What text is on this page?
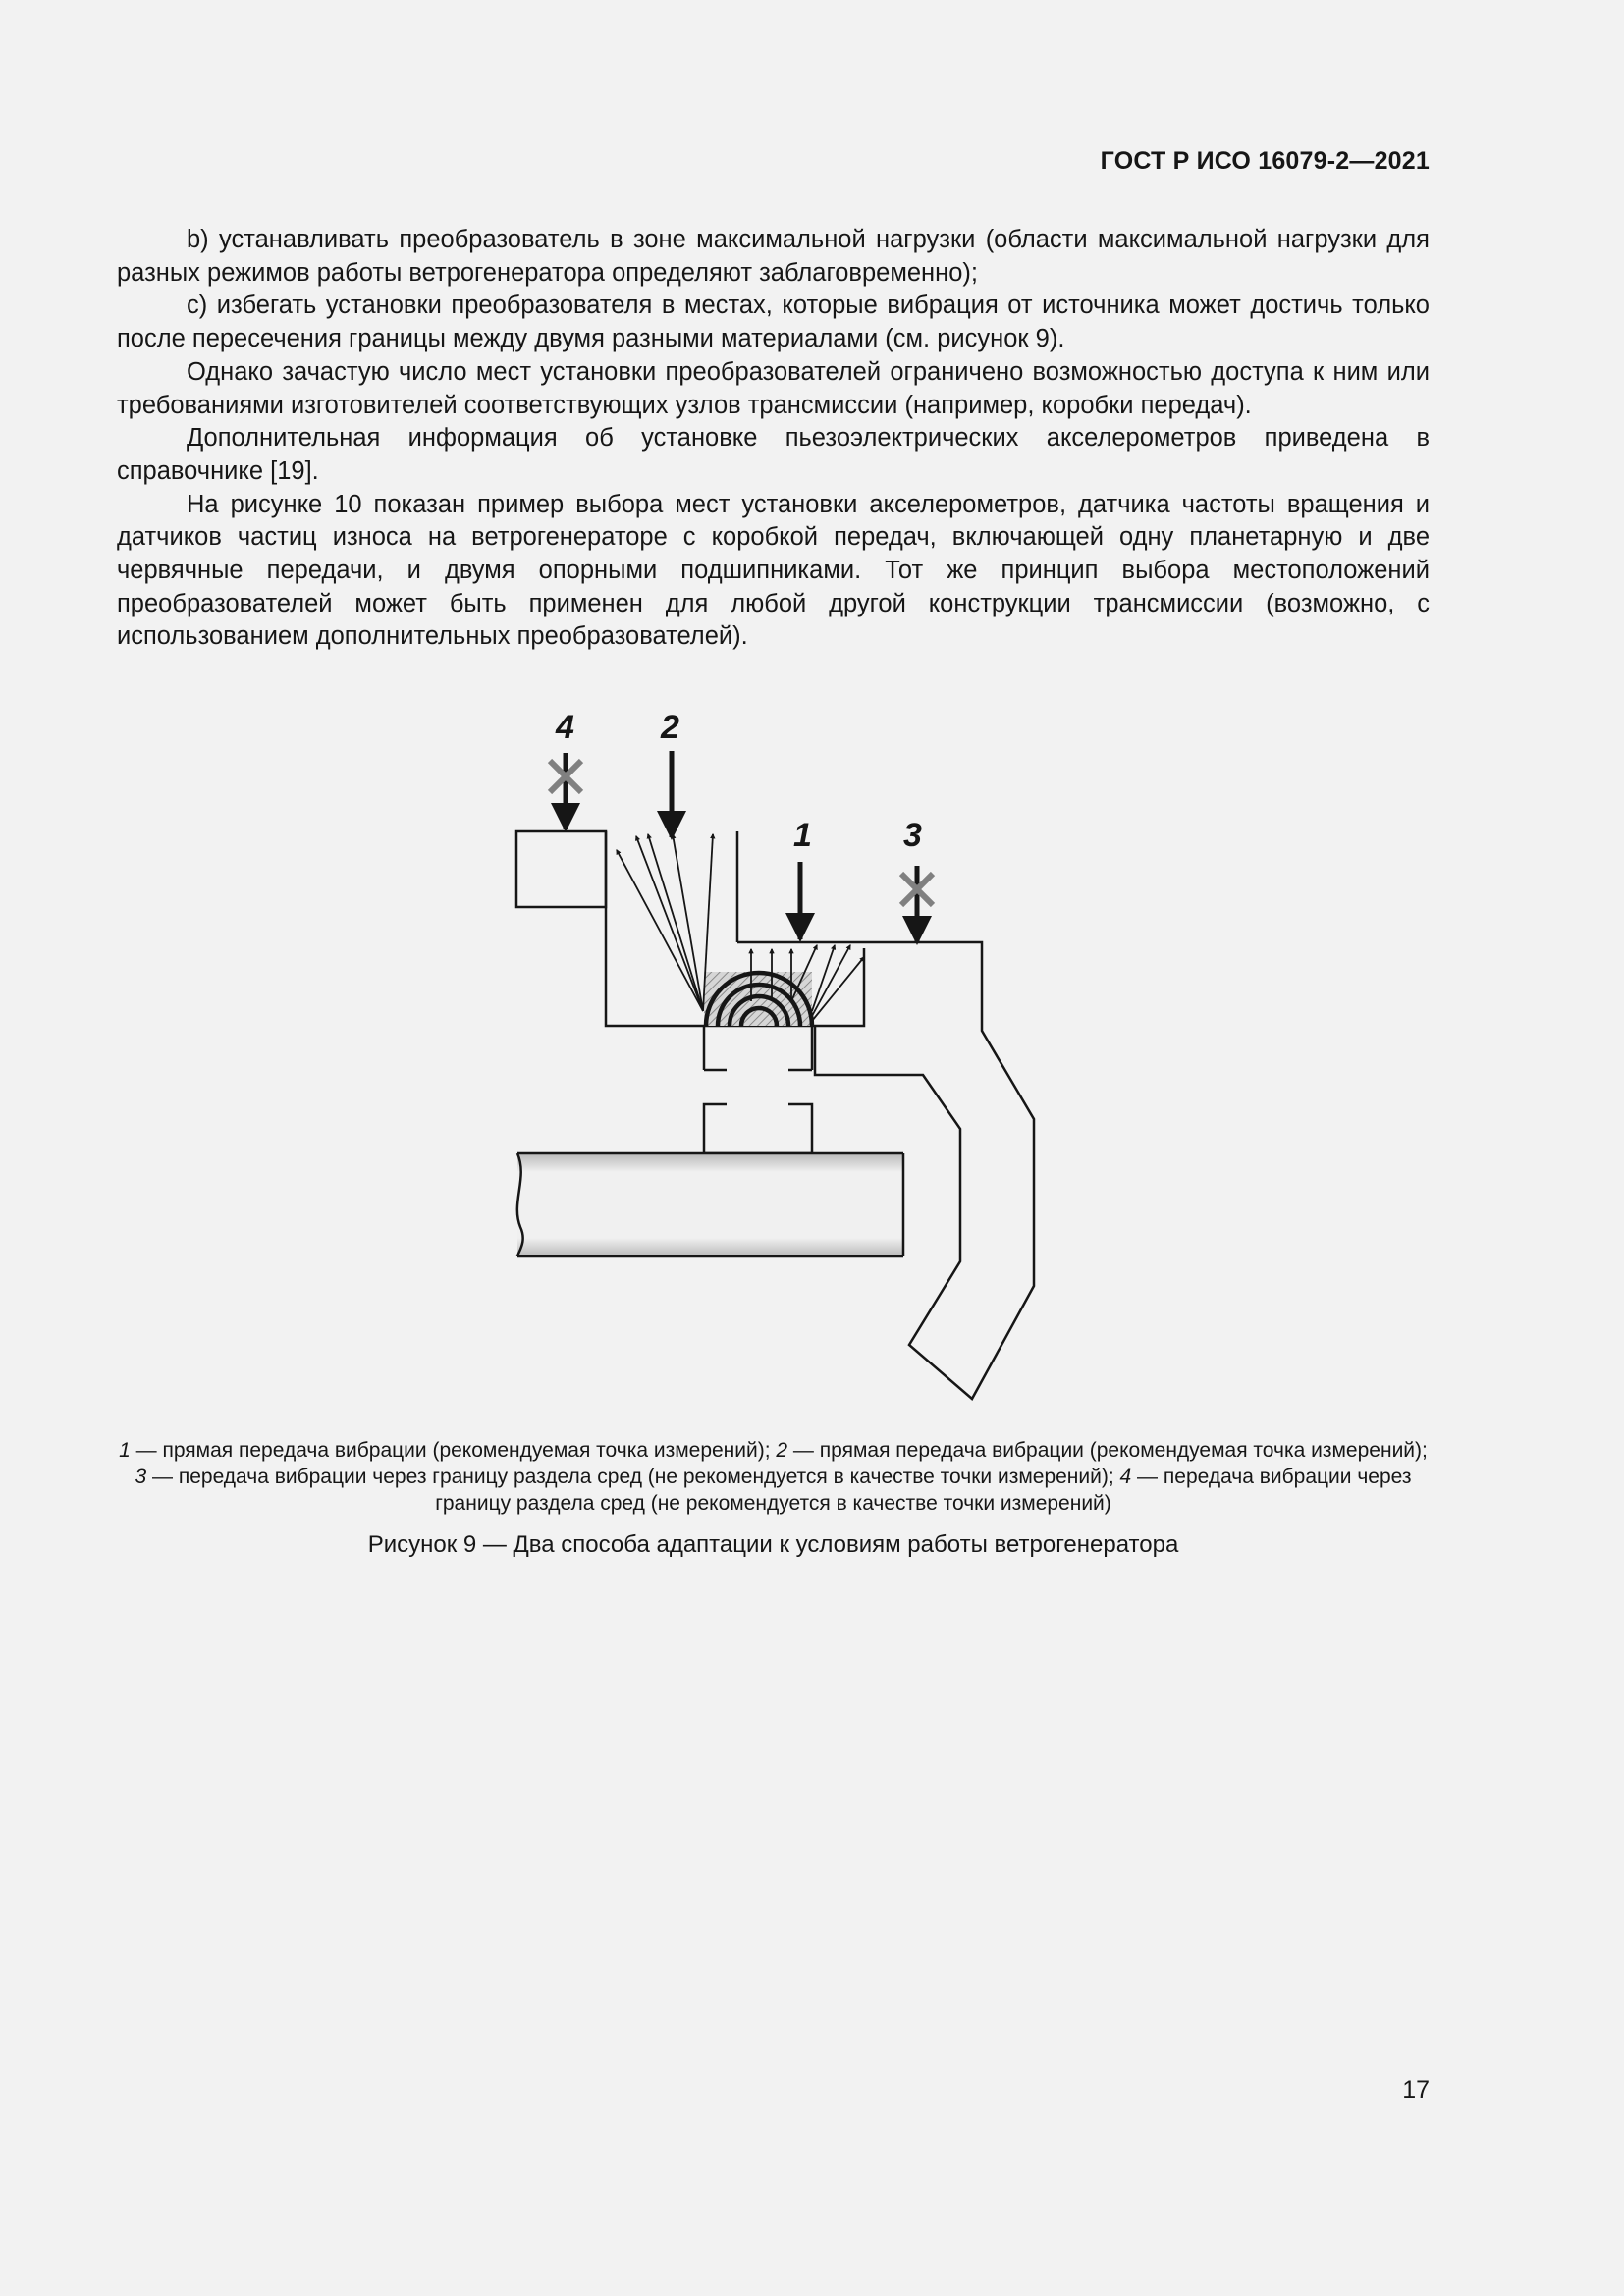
ГОСТ Р ИСО 16079-2—2021

b) устанавливать преобразователь в зоне максимальной нагрузки (области максимальной нагрузки для разных режимов работы ветрогенератора определяют заблаговременно);

c) избегать установки преобразователя в местах, которые вибрация от источника может достичь только после пересечения границы между двумя разными материалами (см. рисунок 9).

Однако зачастую число мест установки преобразователей ограничено возможностью доступа к ним или требованиями изготовителей соответствующих узлов трансмиссии (например, коробки передач).

Дополнительная информация об установке пьезоэлектрических акселерометров приведена в справочнике [19].

На рисунке 10 показан пример выбора мест установки акселерометров, датчика частоты вращения и датчиков частиц износа на ветрогенераторе с коробкой передач, включающей одну планетарную и две червячные передачи, и двумя опорными подшипниками. Тот же принцип выбора местоположений преобразователей может быть применен для любой другой конструкции трансмиссии (возможно, с использованием дополнительных преобразователей).

1
2
3
4
1 — прямая передача вибрации (рекомендуемая точка измерений); 2 — прямая передача вибрации (рекомендуемая точка измерений); 3 — передача вибрации через границу раздела сред (не рекомендуется в качестве точки измерений); 4 — передача вибрации через границу раздела сред (не рекомендуется в качестве точки измерений)
Рисунок 9 — Два способа адаптации к условиям работы ветрогенератора
17
